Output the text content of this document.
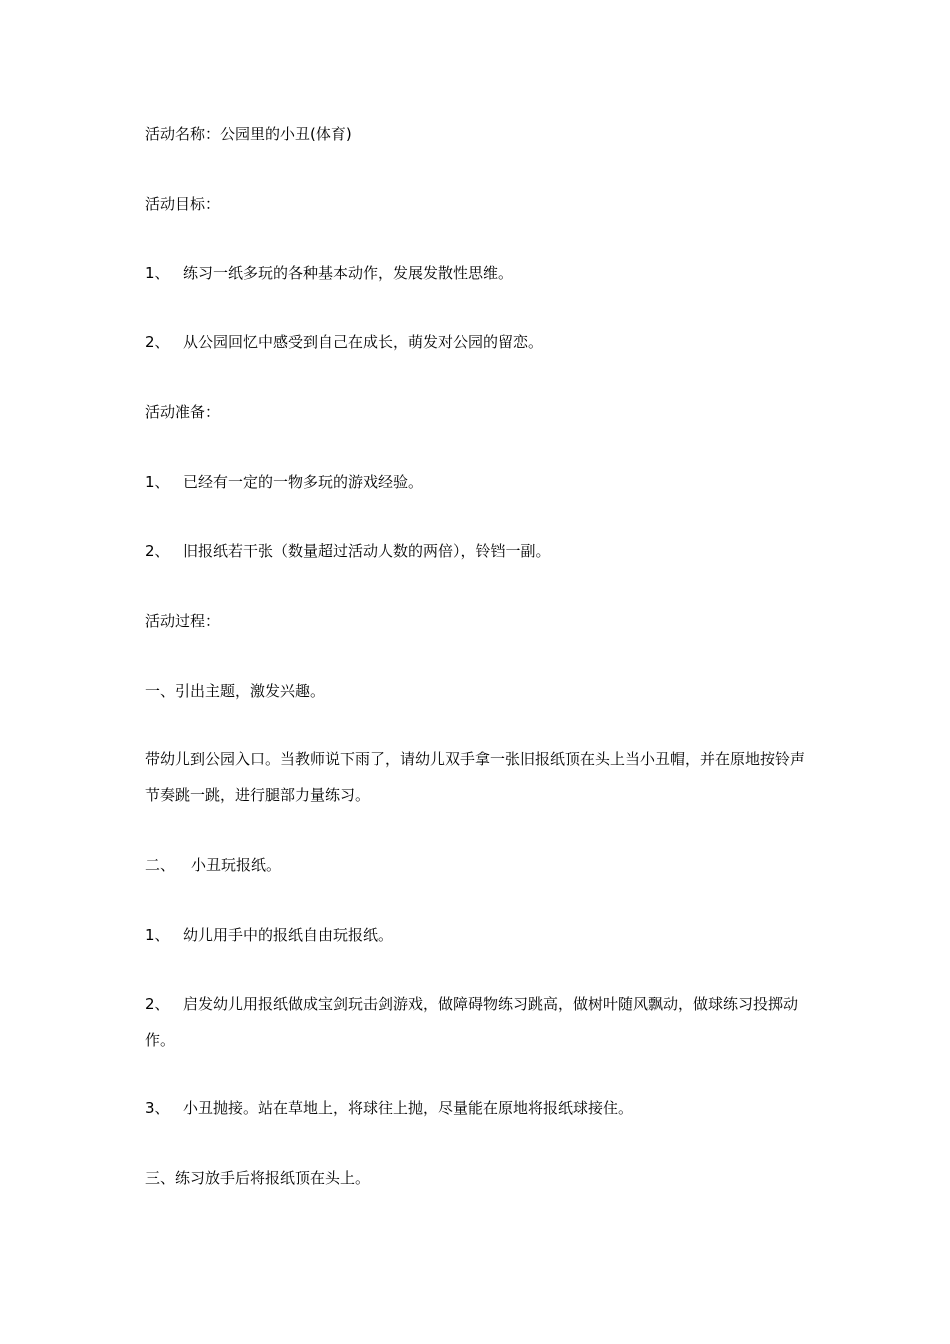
活动名称：公园里的小丑(体育)
活动目标：
1、 练习一纸多玩的各种基本动作，发展发散性思维。
2、 从公园回忆中感受到自己在成长，萌发对公园的留恋。
活动准备：
1、 已经有一定的一物多玩的游戏经验。
2、 旧报纸若干张（数量超过活动人数的两倍），铃铛一副。
活动过程：
一、引出主题，激发兴趣。
带幼儿到公园入口。当教师说下雨了，请幼儿双手拿一张旧报纸顶在头上当小丑帽，并在原地按铃声节奏跳一跳，进行腿部力量练习。
二、 小丑玩报纸。
1、 幼儿用手中的报纸自由玩报纸。
2、 启发幼儿用报纸做成宝剑玩击剑游戏，做障碍物练习跳高，做树叶随风飘动，做球练习投掷动作。
3、 小丑抛接。站在草地上，将球往上抛，尽量能在原地将报纸球接住。
三、练习放手后将报纸顶在头上。
